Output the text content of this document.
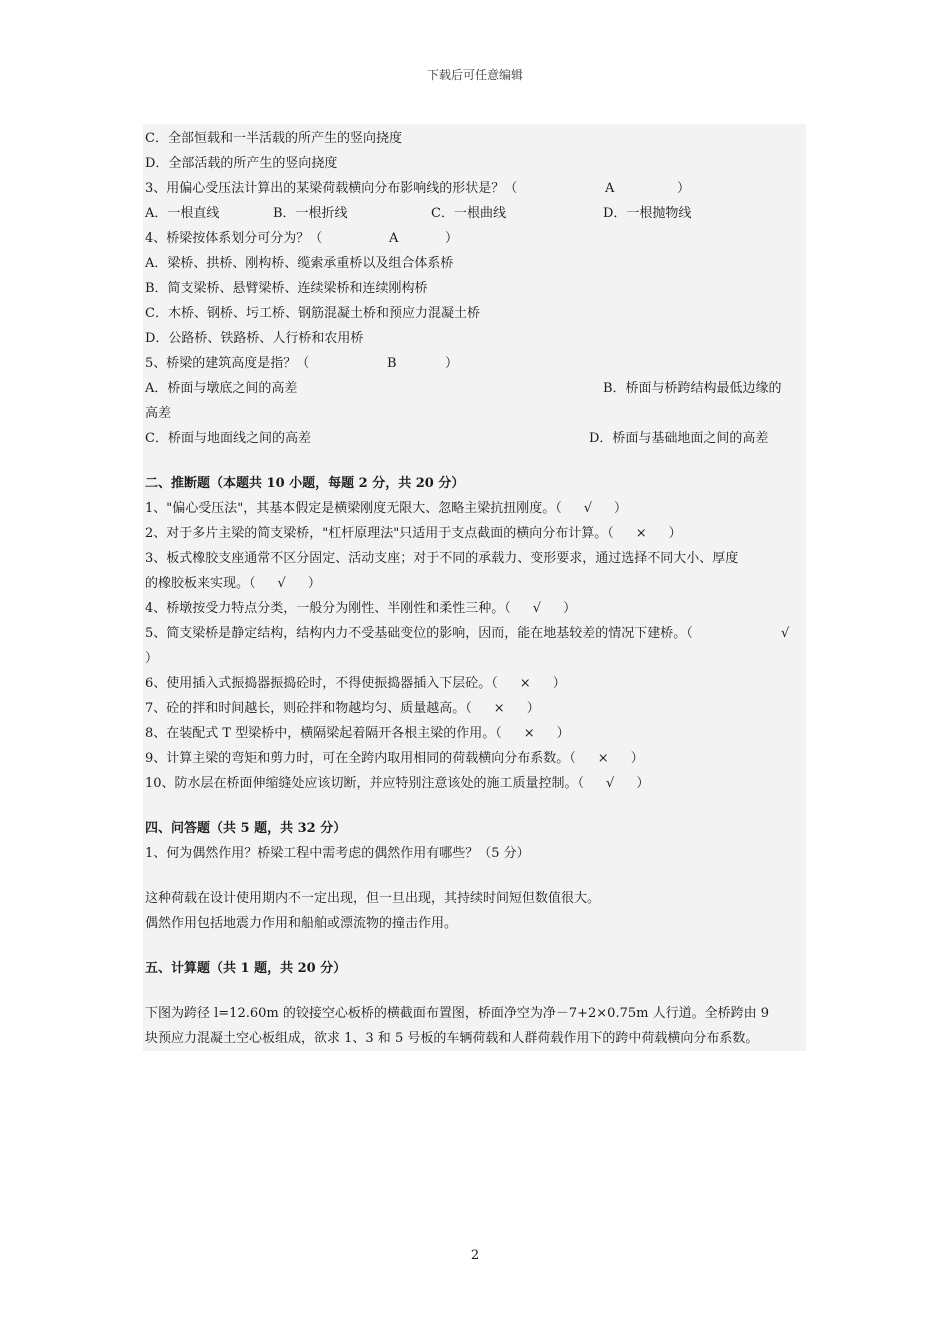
下载后可任意编辑
C．全部恒载和一半活载的所产生的竖向挠度
D．全部活载的所产生的竖向挠度
3、用偏心受压法计算出的某梁荷载横向分布影响线的形状是？（	A	）
A．一根直线	B．一根折线	C．一根曲线	D．一根抛物线
4、桥梁按体系划分可分为？（	A	）
A．梁桥、拱桥、刚构桥、缆索承重桥以及组合体系桥
B．简支梁桥、悬臂梁桥、连续梁桥和连续刚构桥
C．木桥、钢桥、圬工桥、钢筋混凝土桥和预应力混凝土桥
D．公路桥、铁路桥、人行桥和农用桥
5、桥梁的建筑高度是指？（	B	）
A．桥面与墩底之间的高差	B．桥面与桥跨结构最低边缘的
高差
C．桥面与地面线之间的高差	D．桥面与基础地面之间的高差
二、推断题（本题共 10 小题，每题 2 分，共 20 分）
1、"偏心受压法"，其基本假定是横梁刚度无限大、忽略主梁抗扭刚度。（ √ ）
2、对于多片主梁的简支梁桥，"杠杆原理法"只适用于支点截面的横向分布计算。（ × ）
3、板式橡胶支座通常不区分固定、活动支座；对于不同的承载力、变形要求，通过选择不同大小、厚度
的橡胶板来实现。（ √ ）
4、桥墩按受力特点分类，一般分为刚性、半刚性和柔性三种。（ √ ）
5、简支梁桥是静定结构，结构内力不受基础变位的影响，因而，能在地基较差的情况下建桥。（	√
）
6、使用插入式振捣器振捣砼时，不得使振捣器插入下层砼。（ × ）
7、砼的拌和时间越长，则砼拌和物越均匀、质量越高。（ × ）
8、在装配式 T 型梁桥中，横隔梁起着隔开各根主梁的作用。（ × ）
9、计算主梁的弯矩和剪力时，可在全跨内取用相同的荷载横向分布系数。（ × ）
10、防水层在桥面伸缩缝处应该切断，并应特别注意该处的施工质量控制。（ √ ）
四、问答题（共 5 题，共 32 分）
1、何为偶然作用？桥梁工程中需考虑的偶然作用有哪些？（5 分）
这种荷载在设计使用期内不一定出现，但一旦出现，其持续时间短但数值很大。
偶然作用包括地震力作用和船舶或漂流物的撞击作用。
五、计算题（共 1 题，共 20 分）
下图为跨径 l=12.60m 的铰接空心板桥的横截面布置图，桥面净空为净－7+2×0.75m 人行道。全桥跨由 9
块预应力混凝土空心板组成，欲求 1、3 和 5 号板的车辆荷载和人群荷载作用下的跨中荷载横向分布系数。
2
